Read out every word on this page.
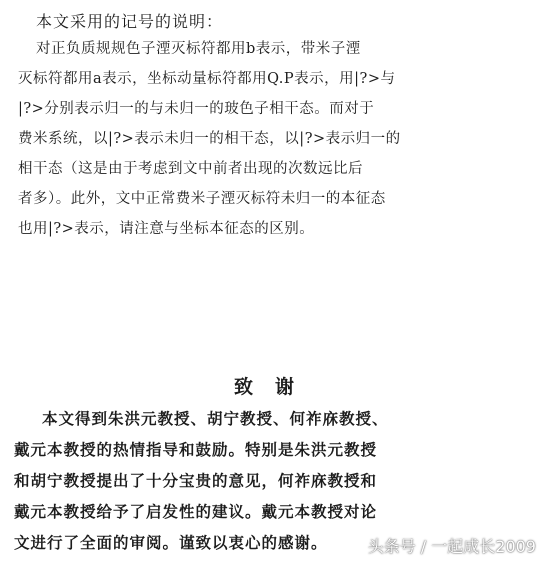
本文采用的记号的说明：
对正负质规规色子湮灭标符都用b表示，带米子湮
灭标符都用a表示，坐标动量标符都用Q.P表示，用|?>与
|?>分别表示归一的与未归一的玻色子相干态。而对于
费米系统，以|?>表示未归一的相干态，以|?>表示归一的
相干态（这是由于考虑到文中前者出现的次数远比后
者多）。此外，文中正常费米子湮灭标符未归一的本征态
也用|?>表示，请注意与坐标本征态的区别。
致谢
本文得到朱洪元教授、胡宁教授、何祚庥教授、
戴元本教授的热情指导和鼓励。特别是朱洪元教授
和胡宁教授提出了十分宝贵的意见，何祚庥教授和
戴元本教授给予了启发性的建议。戴元本教授对论
文进行了全面的审阅。谨致以衷心的感谢。	头条号 / 一起成长2009
